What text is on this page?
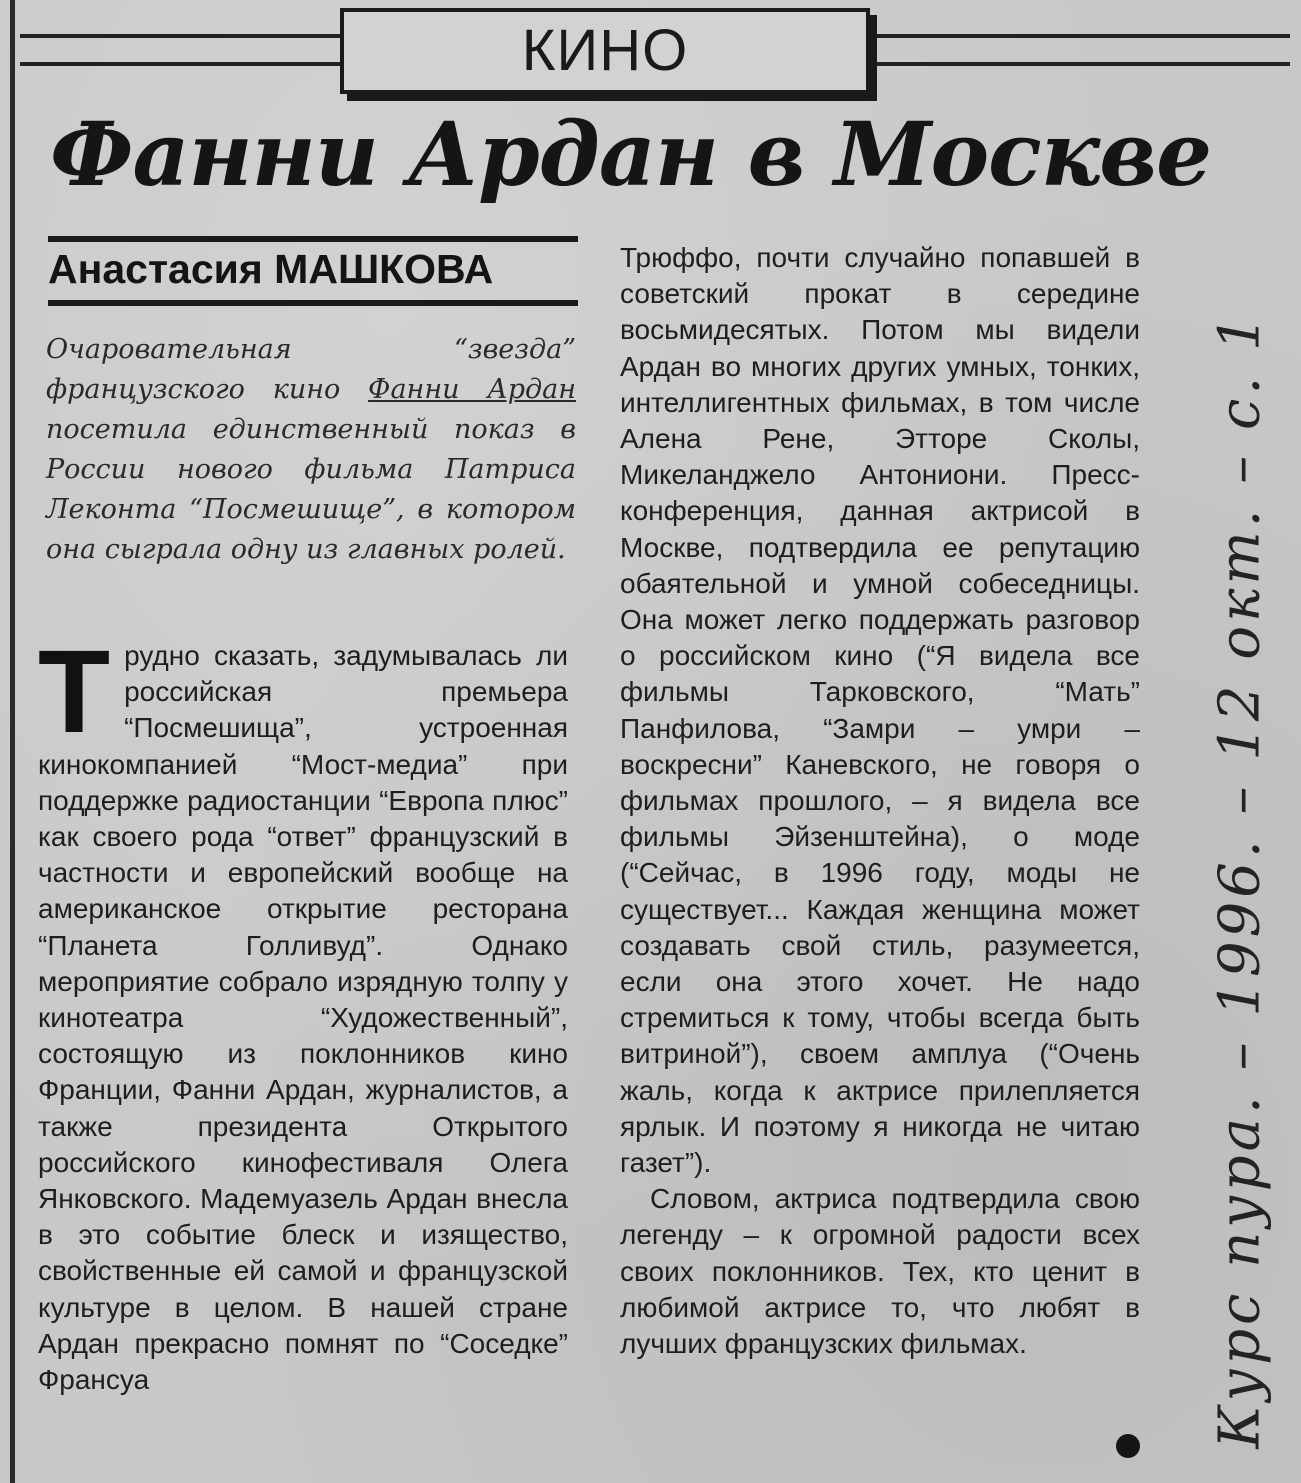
КИНО
Фанни Ардан в Москве
Анастасия МАШКОВА
Очаровательная “звезда” французского кино Фанни Ардан посетила единственный показ в России нового фильма Патриса Леконта “Посмешище”, в котором она сыграла одну из главных ролей.
Т рудно сказать, задумывалась ли российская премьера “Посмешища”, устроенная кинокомпанией “Мост-медиа” при поддержке радиостанции “Европа плюс” как своего рода “ответ” французский в частности и европейский вообще на американское открытие ресторана “Планета Голливуд”. Однако мероприятие собрало изрядную толпу у кинотеатра “Художественный”, состоящую из поклонников кино Франции, Фанни Ардан, журналистов, а также президента Открытого российского кинофестиваля Олега Янковского. Мадемуазель Ардан внесла в это событие блеск и изящество, свойственные ей самой и французской культуре в целом. В нашей стране Ардан прекрасно помнят по “Соседке” Франсуа

Трюффо, почти случайно попавшей в советский прокат в середине восьмидесятых. Потом мы видели Ардан во многих других умных, тонких, интеллигентных фильмах, в том числе Алена Рене, Этторе Сколы, Микеланджело Антониони. Пресс-конференция, данная актрисой в Москве, подтвердила ее репутацию обаятельной и умной собеседницы. Она может легко поддержать разговор о российском кино (“Я видела все фильмы Тарковского, “Мать” Панфилова, “Замри – умри – воскресни” Каневского, не говоря о фильмах прошлого, – я видела все фильмы Эйзенштейна), о моде (“Сейчас, в 1996 году, моды не существует... Каждая женщина может создавать свой стиль, разумеется, если она этого хочет. Не надо стремиться к тому, чтобы всегда быть витриной”), своем амплуа (“Очень жаль, когда к актрисе прилепляется ярлык. И поэтому я никогда не читаю газет”).

Словом, актриса подтвердила свою легенду – к огромной радости всех своих поклонников. Тех, кто ценит в любимой актрисе то, что любят в лучших французских фильмах.	Курс пура. – 1996. – 12 окт. – с. 1
